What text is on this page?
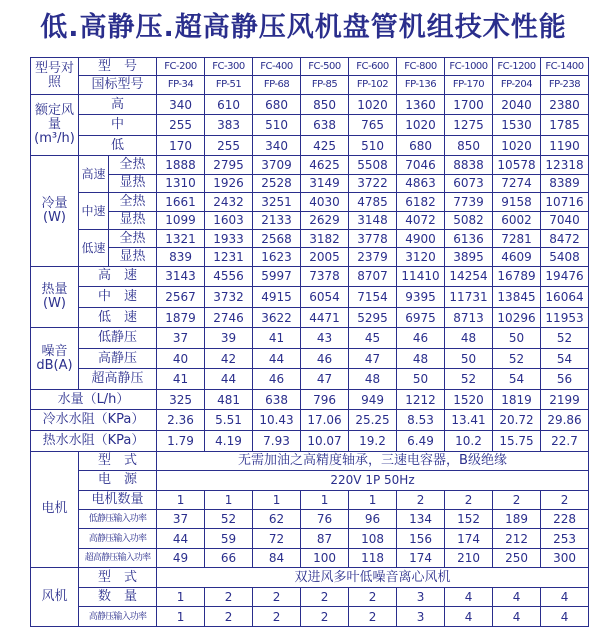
低.高静压.超高静压风机盘管机组技术性能
型号对照	型　号		FC-200	FC-300	FC-400	FC-500	FC-600	FC-800	FC-1000	FC-1200	FC-1400
	国标型号		FP-34	FP-51	FP-68	FP-85	FP-102	FP-136	FP-170	FP-204	FP-238
额定风量(m³/h)	高		340	610	680	850	1020	1360	1700	2040	2380
	中		255	383	510	638	765	1020	1275	1530	1785
	低		170	255	340	425	510	680	850	1020	1190
冷量(W)	高速	全热	1888	2795	3709	4625	5508	7046	8838	10578	12318
		显热	1310	1926	2528	3149	3722	4863	6073	7274	8389
	中速	全热	1661	2432	3251	4030	4785	6182	7739	9158	10716
		显热	1099	1603	2133	2629	3148	4072	5082	6002	7040
	低速	全热	1321	1933	2568	3182	3778	4900	6136	7281	8472
		显热	839	1231	1623	2005	2379	3120	3895	4609	5408
热量(W)	高　速		3143	4556	5997	7378	8707	11410	14254	16789	19476
	中　速		2567	3732	4915	6054	7154	9395	11731	13845	16064
	低　速		1879	2746	3622	4471	5295	6975	8713	10296	11953
噪音dB(A)	低静压		37	39	41	43	45	46	48	50	52
	高静压		40	42	44	46	47	48	50	52	54
	超高静压		41	44	46	47	48	50	52	54	56
水量（L/h）			325	481	638	796	949	1212	1520	1819	2199
冷水水阻（KPa）			2.36	5.51	10.43	17.06	25.25	8.53	13.41	20.72	29.86
热水水阻（KPa）			1.79	4.19	7.93	10.07	19.2	6.49	10.2	15.75	22.7
电机	型　式		无需加油之高精度轴承，三速电容器，B级绝缘								
	电　源		220V 1P 50Hz								
	电机数量		1	1	1	1	1	2	2	2	2
	低静压输入功率		37	52	62	76	96	134	152	189	228
	高静压输入功率		44	59	72	87	108	156	174	212	253
	超高静压输入功率		49	66	84	100	118	174	210	250	300
风机	型　式		双进风多叶低噪音离心风机								
	数　量		1	2	2	2	2	3	4	4	4
	高静压输入功率		1	2	2	2	2	3	4	4	4
